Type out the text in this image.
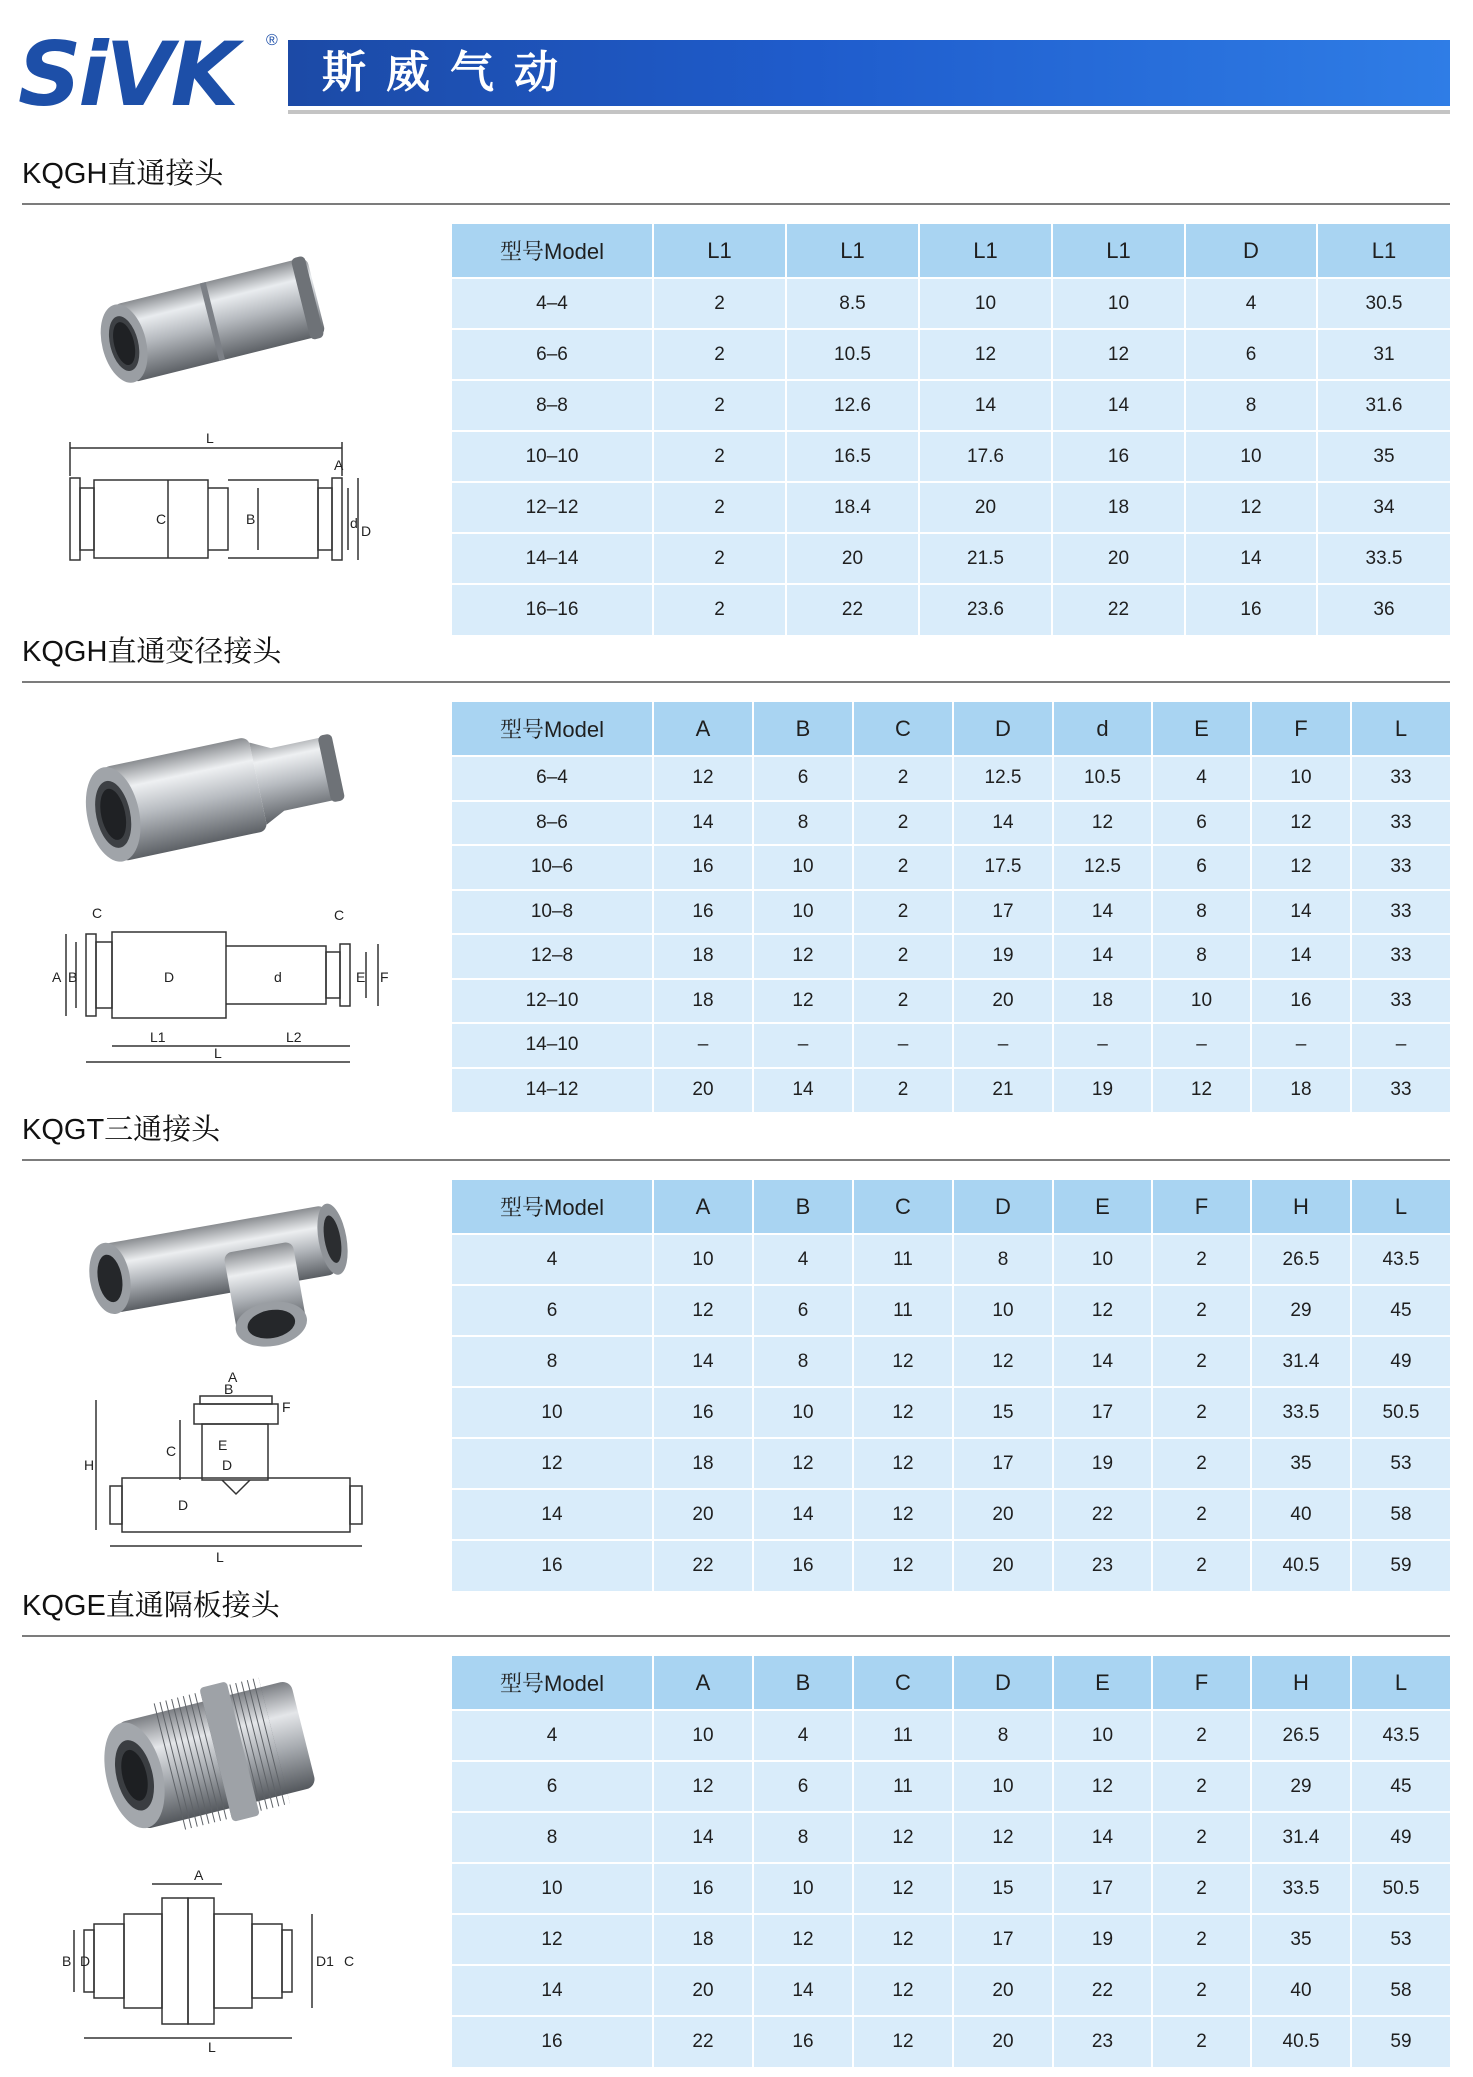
SiVK	®
斯威气动
KQGH直通接头
L
A
C	B	d D
型号Model	L1	L1	L1	L1	D	L1
4–4	2	8.5	10	10	4	30.5
6–6	2	10.5	12	12	6	31
8–8	2	12.6	14	14	8	31.6
10–10	2	16.5	17.6	16	10	35
12–12	2	18.4	20	18	12	34
14–14	2	20	21.5	20	14	33.5
16–16	2	22	23.6	22	16	36
KQGH直通变径接头
C	C
A B	D	d	E F
L1	L2
L
型号Model	A	B	C	D	d	E	F	L
6–4	12	6	2	12.5	10.5	4	10	33
8–6	14	8	2	14	12	6	12	33
10–6	16	10	2	17.5	12.5	6	12	33
10–8	16	10	2	17	14	8	14	33
12–8	18	12	2	19	14	8	14	33
12–10	18	12	2	20	18	10	16	33
14–10	–	–	–	–	–	–	–	–
14–12	20	14	2	21	19	12	18	33
KQGT三通接头
A
B
F
C	E
H	D
D
L
型号Model	A	B	C	D	E	F	H	L
4	10	4	11	8	10	2	26.5	43.5
6	12	6	11	10	12	2	29	45
8	14	8	12	12	14	2	31.4	49
10	16	10	12	15	17	2	33.5	50.5
12	18	12	12	17	19	2	35	53
14	20	14	12	20	22	2	40	58
16	22	16	12	20	23	2	40.5	59
KQGE直通隔板接头
A
B D	D1 C
L
型号Model	A	B	C	D	E	F	H	L
4	10	4	11	8	10	2	26.5	43.5
6	12	6	11	10	12	2	29	45
8	14	8	12	12	14	2	31.4	49
10	16	10	12	15	17	2	33.5	50.5
12	18	12	12	17	19	2	35	53
14	20	14	12	20	22	2	40	58
16	22	16	12	20	23	2	40.5	59
